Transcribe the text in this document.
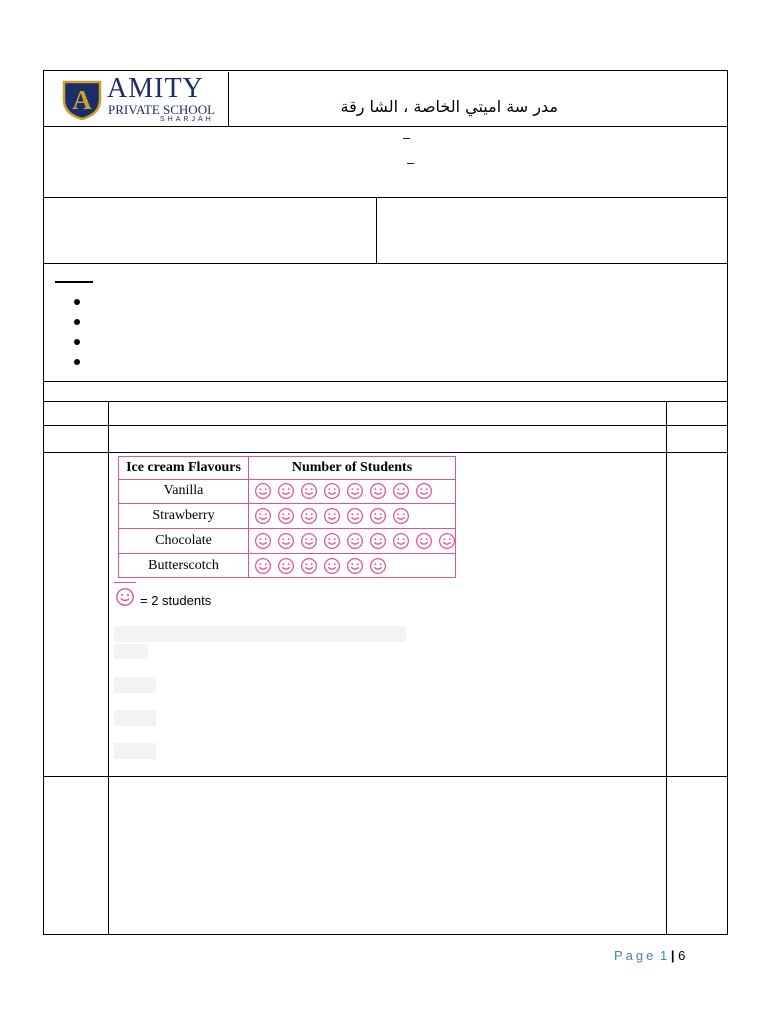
A AMITY
PRIVATE SCHOOL
SHARJAH
مدر سة اميتي الخاصة ، الشا رقة
–
–
Ice cream Flavours	Number of Students
Vanilla
Strawberry
Chocolate
Butterscotch
= 2 students
Page 1 | 6
